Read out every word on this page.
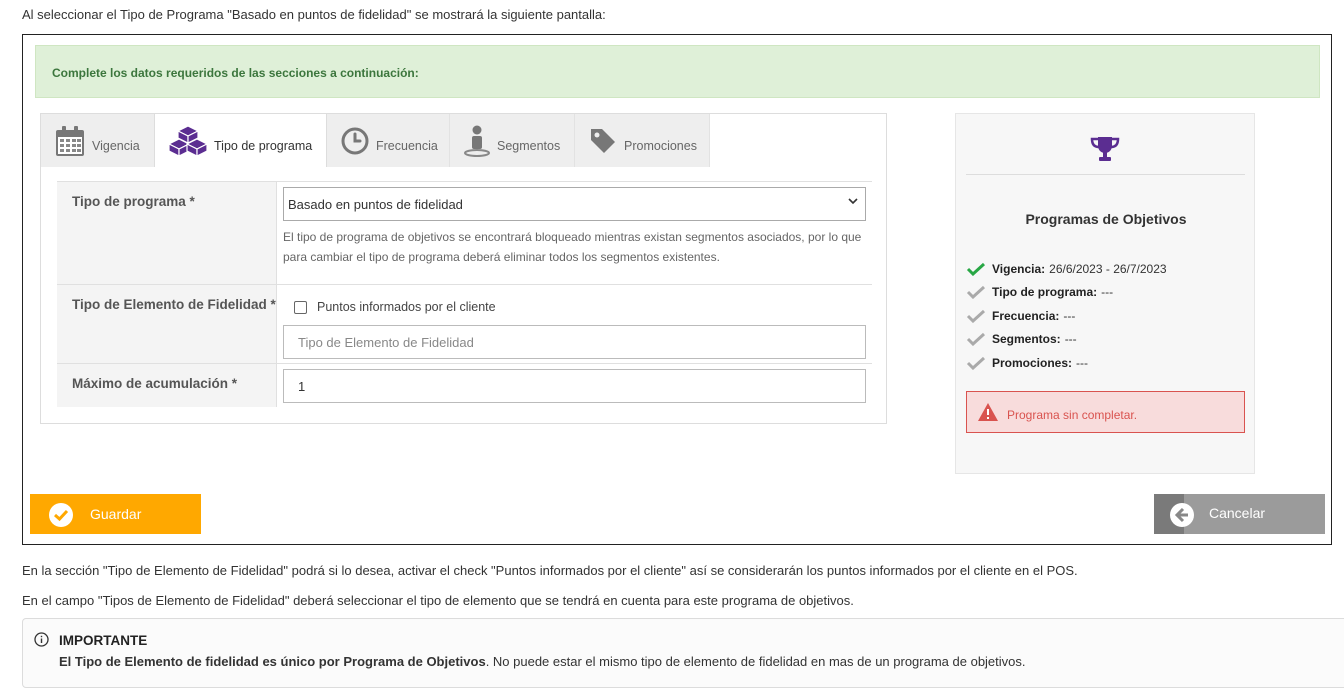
Al seleccionar el Tipo de Programa "Basado en puntos de fidelidad" se mostrará la siguiente pantalla:
Complete los datos requeridos de las secciones a continuación:
Vigencia	Tipo de programa	Frecuencia	Segmentos	Promociones
Tipo de programa *	Basado en puntos de fidelidad
El tipo de programa de objetivos se encontrará bloqueado mientras existan segmentos asociados, por lo que para cambiar el tipo de programa deberá eliminar todos los segmentos existentes.
Tipo de Elemento de Fidelidad *	Puntos informados por el cliente
Tipo de Elemento de Fidelidad
Máximo de acumulación *
1
Programas de Objetivos
Vigencia: 26/6/2023 - 26/7/2023
Tipo de programa: ---
Frecuencia: ---
Segmentos: ---
Promociones: ---
Programa sin completar.
Guardar	Cancelar
En la sección "Tipo de Elemento de Fidelidad" podrá si lo desea, activar el check "Puntos informados por el cliente" así se considerarán los puntos informados por el cliente en el POS.
En el campo "Tipos de Elemento de Fidelidad" deberá seleccionar el tipo de elemento que se tendrá en cuenta para este programa de objetivos.
IMPORTANTE
El Tipo de Elemento de fidelidad es único por Programa de Objetivos. No puede estar el mismo tipo de elemento de fidelidad en mas de un programa de objetivos.
